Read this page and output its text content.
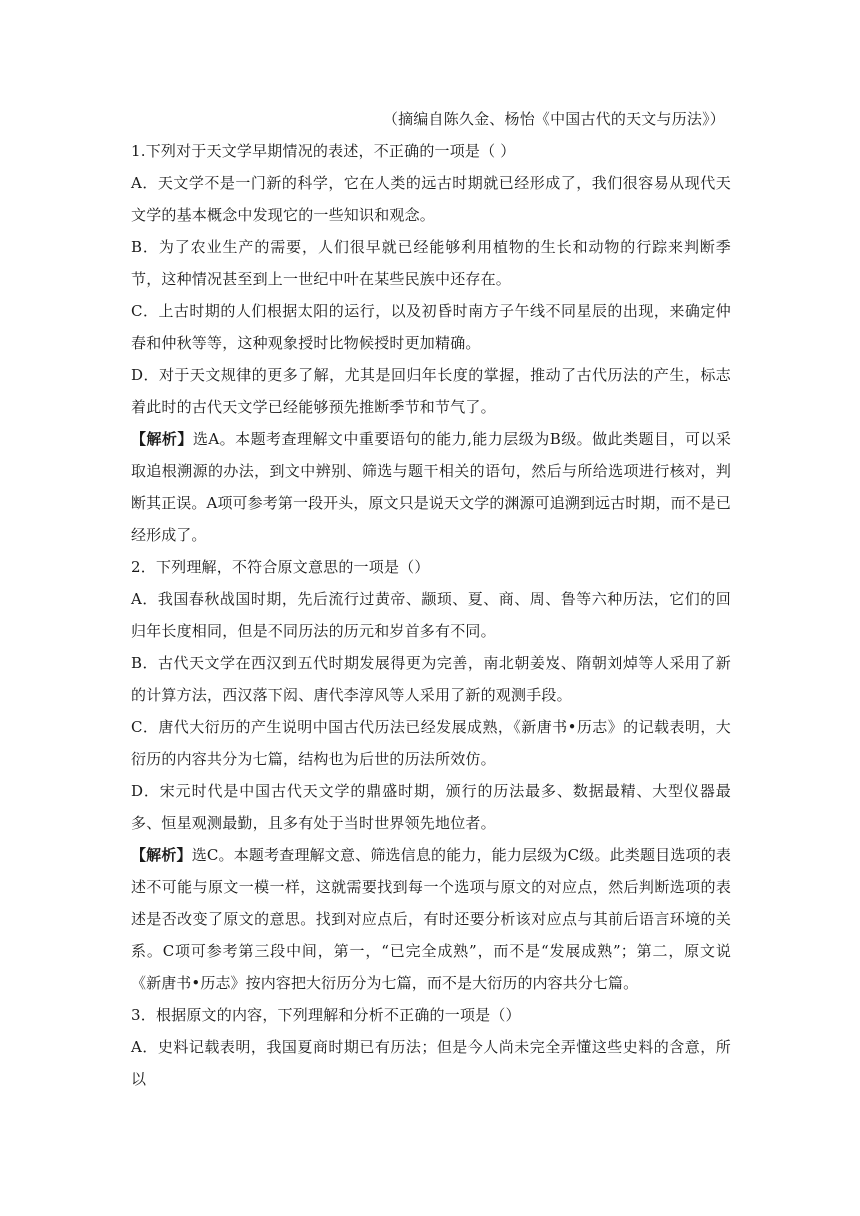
（摘编自陈久金、杨怡《中国古代的天文与历法》）

1.下列对于天文学早期情况的表述，不正确的一项是（ ）

A．天文学不是一门新的科学，它在人类的远古时期就已经形成了，我们很容易从现代天文学的基本概念中发现它的一些知识和观念。

B．为了农业生产的需要，人们很早就已经能够利用植物的生长和动物的行踪来判断季节，这种情况甚至到上一世纪中叶在某些民族中还存在。

C．上古时期的人们根据太阳的运行，以及初昏时南方子午线不同星辰的出现，来确定仲春和仲秋等等，这种观象授时比物候授时更加精确。

D．对于天文规律的更多了解，尤其是回归年长度的掌握，推动了古代历法的产生，标志着此时的古代天文学已经能够预先推断季节和节气了。

【解析】选A。本题考查理解文中重要语句的能力,能力层级为B级。做此类题目，可以采取追根溯源的办法，到文中辨别、筛选与题干相关的语句，然后与所给选项进行核对，判断其正误。A项可参考第一段开头，原文只是说天文学的渊源可追溯到远古时期，而不是已经形成了。

2．下列理解，不符合原文意思的一项是（）

A．我国春秋战国时期，先后流行过黄帝、颛顼、夏、商、周、鲁等六种历法，它们的回归年长度相同，但是不同历法的历元和岁首多有不同。

B．古代天文学在西汉到五代时期发展得更为完善，南北朝姜岌、隋朝刘焯等人采用了新的计算方法，西汉落下闳、唐代李淳风等人采用了新的观测手段。

C．唐代大衍历的产生说明中国古代历法已经发展成熟，《新唐书•历志》的记载表明，大衍历的内容共分为七篇，结构也为后世的历法所效仿。

D．宋元时代是中国古代天文学的鼎盛时期，颁行的历法最多、数据最精、大型仪器最多、恒星观测最勤，且多有处于当时世界领先地位者。

【解析】选C。本题考查理解文意、筛选信息的能力，能力层级为C级。此类题目选项的表述不可能与原文一模一样，这就需要找到每一个选项与原文的对应点，然后判断选项的表述是否改变了原文的意思。找到对应点后，有时还要分析该对应点与其前后语言环境的关系。C项可参考第三段中间，第一，“已完全成熟”，而不是“发展成熟”；第二，原文说《新唐书•历志》按内容把大衍历分为七篇，而不是大衍历的内容共分七篇。

3．根据原文的内容，下列理解和分析不正确的一项是（）

A．史料记载表明，我国夏商时期已有历法；但是今人尚未完全弄懂这些史料的含意，所以
